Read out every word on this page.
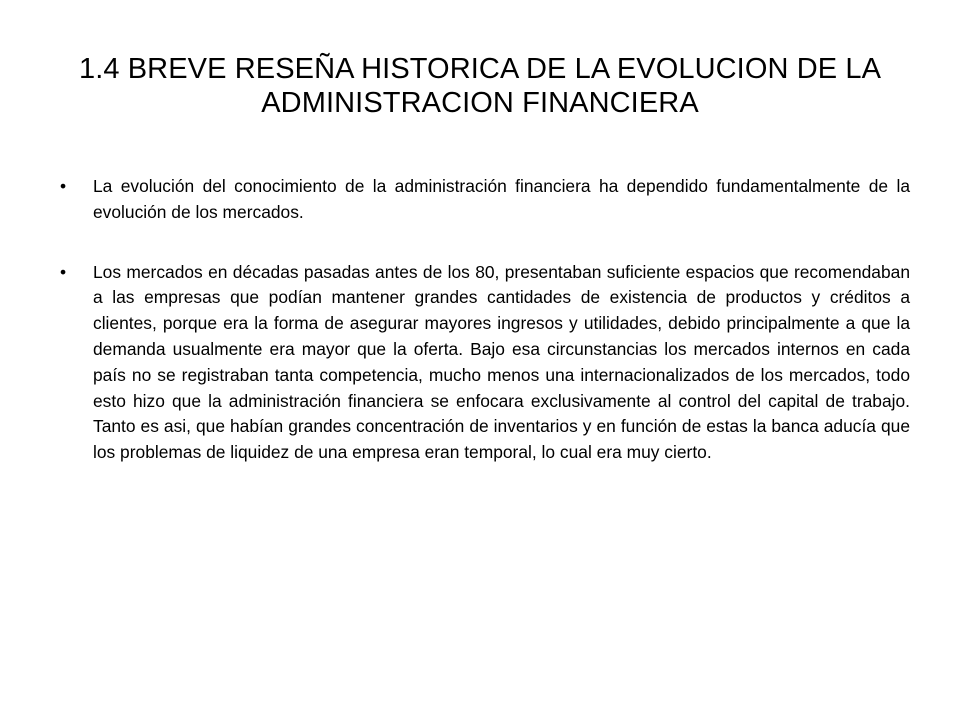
1.4 BREVE RESEÑA HISTORICA DE LA EVOLUCION DE LA ADMINISTRACION FINANCIERA
•	La evolución del conocimiento de la administración financiera ha dependido fundamentalmente de la evolución de los mercados.
•	Los mercados en décadas pasadas antes de los 80, presentaban suficiente espacios que recomendaban a las empresas que podían mantener grandes cantidades de existencia de productos y créditos a clientes, porque era la forma de asegurar mayores ingresos y utilidades, debido principalmente a que la demanda usualmente era mayor que la oferta. Bajo esa circunstancias los mercados internos en cada país no se registraban tanta competencia, mucho menos una internacionalizados de los mercados, todo esto hizo que la administración financiera se enfocara exclusivamente al control del capital de trabajo. Tanto es asi, que habían grandes concentración de inventarios y en función de estas la banca aducía que los problemas de liquidez de una empresa eran temporal, lo cual era muy cierto.
